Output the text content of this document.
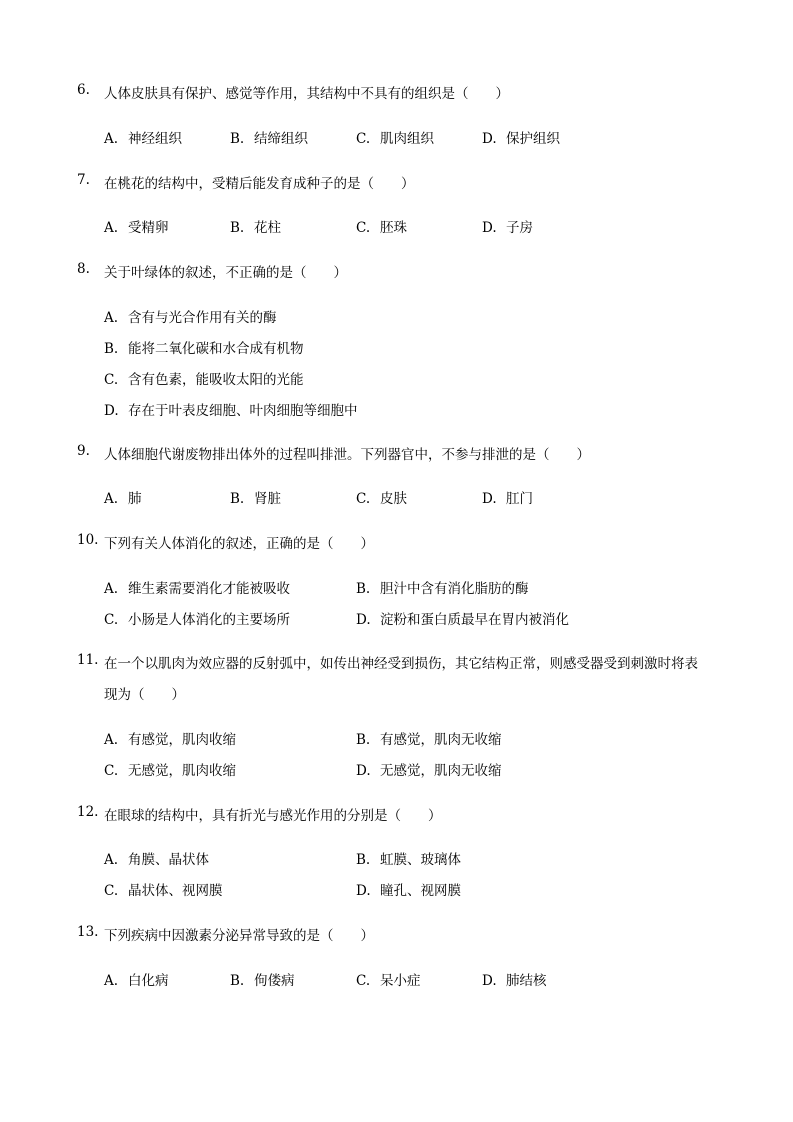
6. 人体皮肤具有保护、感觉等作用，其结构中不具有的组织是（　　）
A. 神经组织	B. 结缔组织	C. 肌肉组织	D. 保护组织
7. 在桃花的结构中，受精后能发育成种子的是（　　）
A. 受精卵	B. 花柱	C. 胚珠	D. 子房
8. 关于叶绿体的叙述，不正确的是（　　）
A. 含有与光合作用有关的酶
B. 能将二氧化碳和水合成有机物
C. 含有色素，能吸收太阳的光能
D. 存在于叶表皮细胞、叶肉细胞等细胞中
9. 人体细胞代谢废物排出体外的过程叫排泄。下列器官中，不参与排泄的是（　　）
A. 肺	B. 肾脏	C. 皮肤	D. 肛门
10. 下列有关人体消化的叙述，正确的是（　　）
A. 维生素需要消化才能被吸收	B. 胆汁中含有消化脂肪的酶
C. 小肠是人体消化的主要场所	D. 淀粉和蛋白质最早在胃内被消化
11. 在一个以肌肉为效应器的反射弧中，如传出神经受到损伤，其它结构正常，则感受器受到刺激时将表
现为（　　）
A. 有感觉，肌肉收缩	B. 有感觉，肌肉无收缩
C. 无感觉，肌肉收缩	D. 无感觉，肌肉无收缩
12. 在眼球的结构中，具有折光与感光作用的分别是（　　）
A. 角膜、晶状体	B. 虹膜、玻璃体
C. 晶状体、视网膜	D. 瞳孔、视网膜
13. 下列疾病中因激素分泌异常导致的是（　　）
A. 白化病	B. 佝偻病	C. 呆小症	D. 肺结核
